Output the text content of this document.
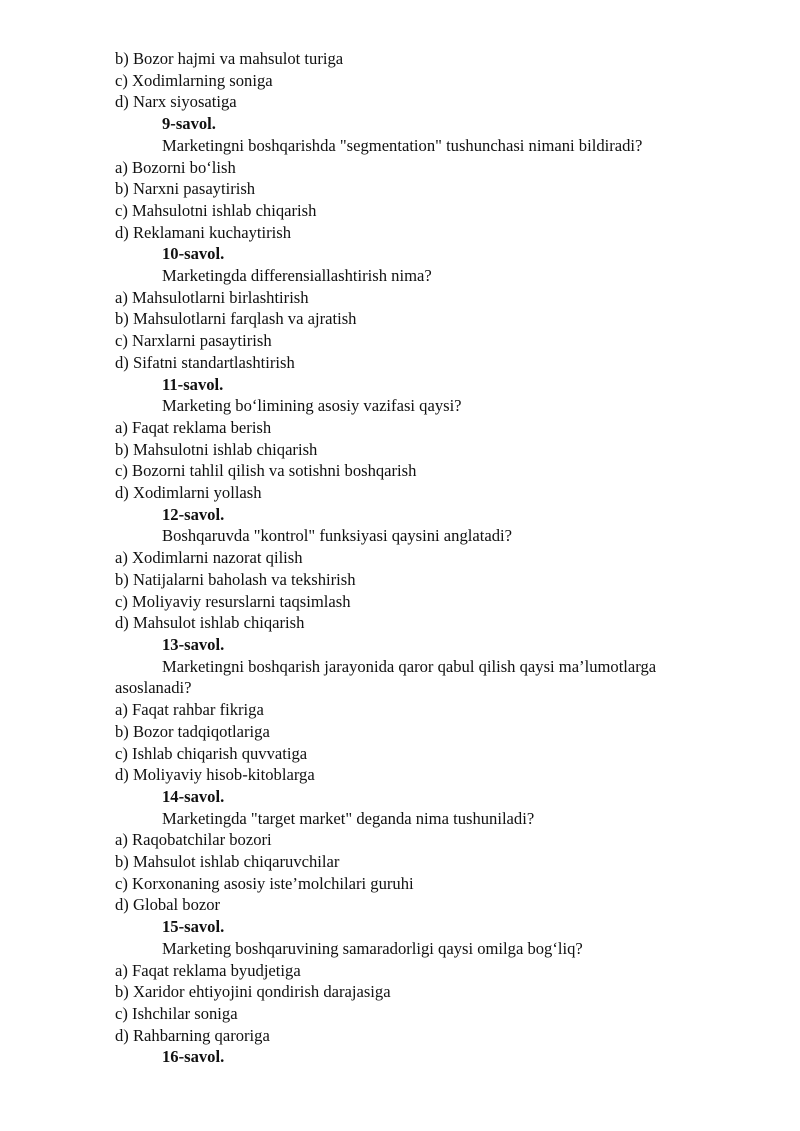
b) Bozor hajmi va mahsulot turiga

c) Xodimlarning soniga

d) Narx siyosatiga

9-savol.

Marketingni boshqarishda "segmentation" tushunchasi nimani bildiradi?

a) Bozorni bo‘lish

b) Narxni pasaytirish

c) Mahsulotni ishlab chiqarish

d) Reklamani kuchaytirish

10-savol.

Marketingda differensiallashtirish nima?

a) Mahsulotlarni birlashtirish

b) Mahsulotlarni farqlash va ajratish

c) Narxlarni pasaytirish

d) Sifatni standartlashtirish

11-savol.

Marketing bo‘limining asosiy vazifasi qaysi?

a) Faqat reklama berish

b) Mahsulotni ishlab chiqarish

c) Bozorni tahlil qilish va sotishni boshqarish

d) Xodimlarni yollash

12-savol.

Boshqaruvda "kontrol" funksiyasi qaysini anglatadi?

a) Xodimlarni nazorat qilish

b) Natijalarni baholash va tekshirish

c) Moliyaviy resurslarni taqsimlash

d) Mahsulot ishlab chiqarish

13-savol.

Marketingni boshqarish jarayonida qaror qabul qilish qaysi ma’lumotlarga asoslanadi?

a) Faqat rahbar fikriga

b) Bozor tadqiqotlariga

c) Ishlab chiqarish quvvatiga

d) Moliyaviy hisob-kitoblarga

14-savol.

Marketingda "target market" deganda nima tushuniladi?

a) Raqobatchilar bozori

b) Mahsulot ishlab chiqaruvchilar

c) Korxonaning asosiy iste’molchilari guruhi

d) Global bozor

15-savol.

Marketing boshqaruvining samaradorligi qaysi omilga bog‘liq?

a) Faqat reklama byudjetiga

b) Xaridor ehtiyojini qondirish darajasiga

c) Ishchilar soniga

d) Rahbarning qaroriga

16-savol.
